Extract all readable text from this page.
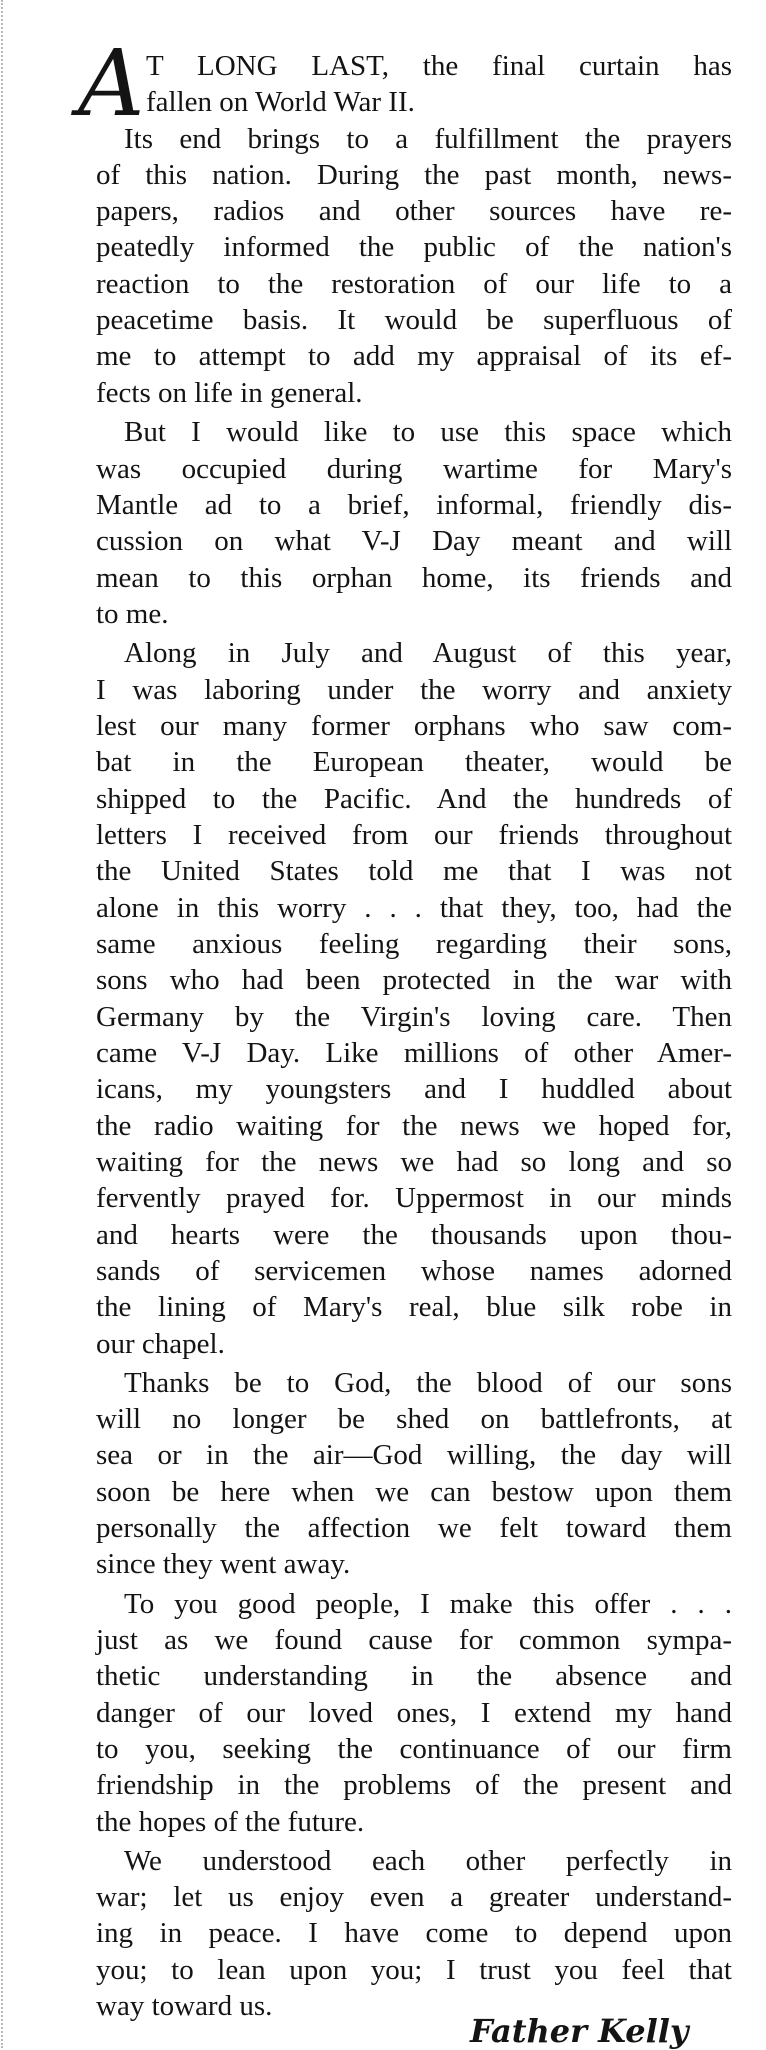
A T LONG LAST, the final curtain has
fallen on World War II.
Its end brings to a fulfillment the prayers
of this nation. During the past month, news-
papers, radios and other sources have re-
peatedly informed the public of the nation's
reaction to the restoration of our life to a
peacetime basis. It would be superfluous of
me to attempt to add my appraisal of its ef-
fects on life in general.
But I would like to use this space which
was occupied during wartime for Mary's
Mantle ad to a brief, informal, friendly dis-
cussion on what V-J Day meant and will
mean to this orphan home, its friends and
to me.
Along in July and August of this year,
I was laboring under the worry and anxiety
lest our many former orphans who saw com-
bat in the European theater, would be
shipped to the Pacific. And the hundreds of
letters I received from our friends throughout
the United States told me that I was not
alone in this worry . . . that they, too, had the
same anxious feeling regarding their sons,
sons who had been protected in the war with
Germany by the Virgin's loving care. Then
came V-J Day. Like millions of other Amer-
icans, my youngsters and I huddled about
the radio waiting for the news we hoped for,
waiting for the news we had so long and so
fervently prayed for. Uppermost in our minds
and hearts were the thousands upon thou-
sands of servicemen whose names adorned
the lining of Mary's real, blue silk robe in
our chapel.
Thanks be to God, the blood of our sons
will no longer be shed on battlefronts, at
sea or in the air—God willing, the day will
soon be here when we can bestow upon them
personally the affection we felt toward them
since they went away.
To you good people, I make this offer . . .
just as we found cause for common sympa-
thetic understanding in the absence and
danger of our loved ones, I extend my hand
to you, seeking the continuance of our firm
friendship in the problems of the present and
the hopes of the future.
We understood each other perfectly in
war; let us enjoy even a greater understand-
ing in peace. I have come to depend upon
you; to lean upon you; I trust you feel that
way toward us.
Father Kelly
